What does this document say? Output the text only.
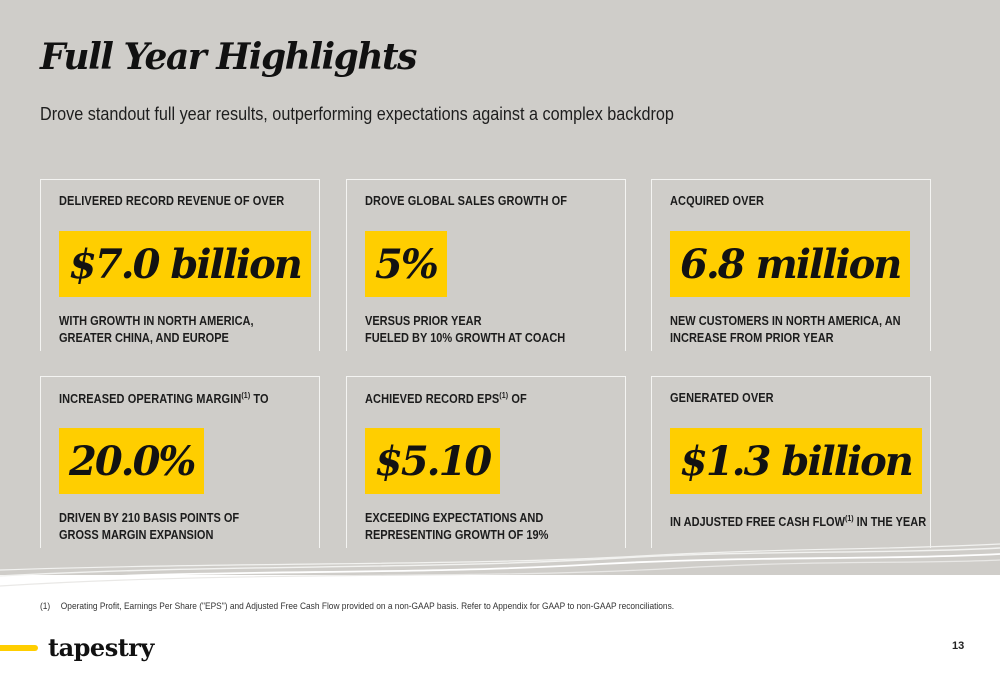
Full Year Highlights
Drove standout full year results, outperforming expectations against a complex backdrop
DELIVERED RECORD REVENUE OF OVER
$7.0 billion
WITH GROWTH IN NORTH AMERICA,
GREATER CHINA, AND EUROPE
DROVE GLOBAL SALES GROWTH OF
5%
VERSUS PRIOR YEAR
FUELED BY 10% GROWTH AT COACH
ACQUIRED OVER
6.8 million
NEW CUSTOMERS IN NORTH AMERICA, AN
INCREASE FROM PRIOR YEAR
INCREASED OPERATING MARGIN$^{(1)}$ TO
20.0%
DRIVEN BY 210 BASIS POINTS OF
GROSS MARGIN EXPANSION
ACHIEVED RECORD EPS$^{(1)}$ OF
$5.10
EXCEEDING EXPECTATIONS AND
REPRESENTING GROWTH OF 19%
GENERATED OVER
$1.3 billion
IN ADJUSTED FREE CASH FLOW$^{(1)}$ IN THE YEAR
(1) Operating Profit, Earnings Per Share ("EPS") and Adjusted Free Cash Flow provided on a non-GAAP basis. Refer to Appendix for GAAP to non-GAAP reconciliations.
tapestry	13
